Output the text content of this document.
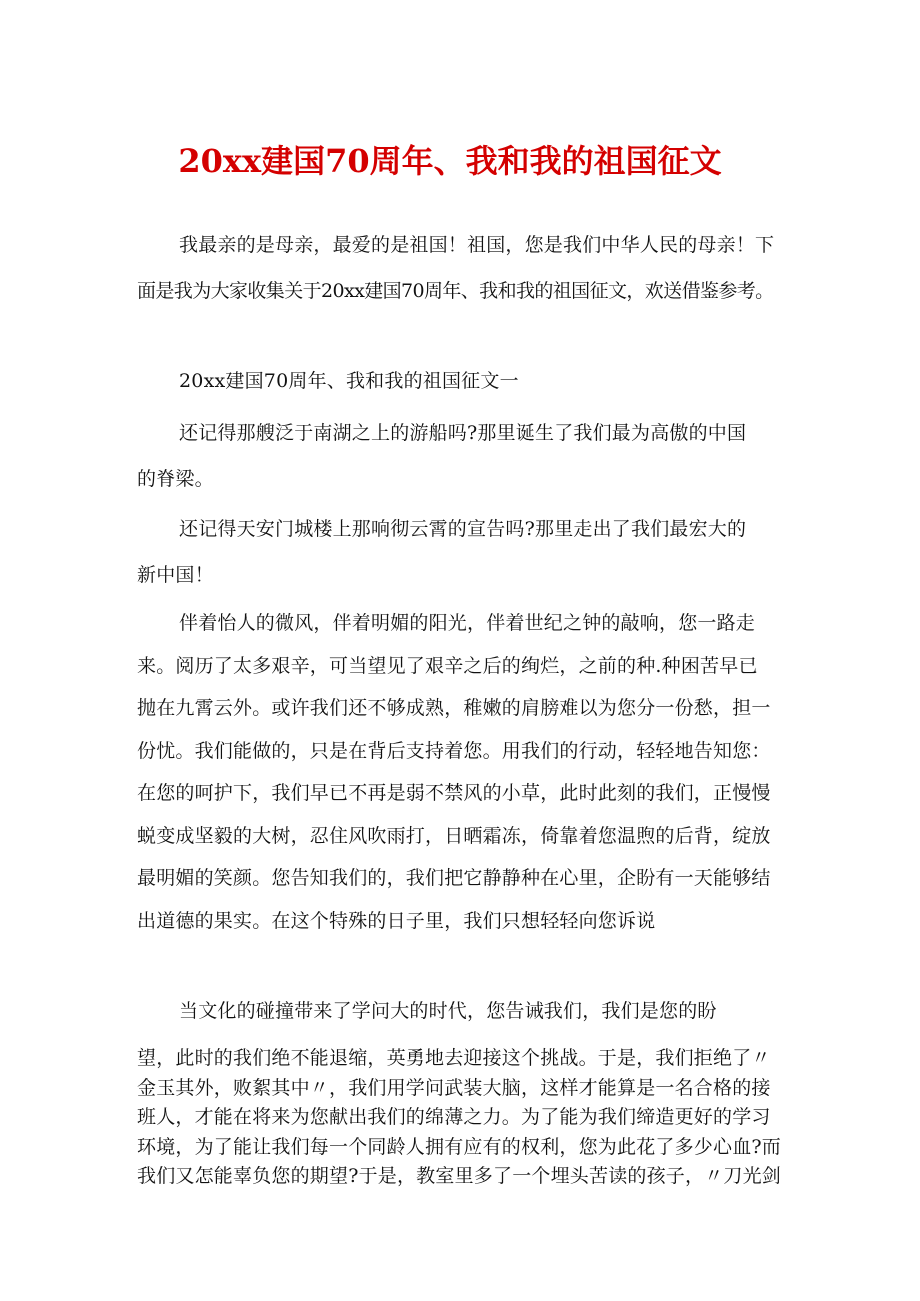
20xx建国70周年、我和我的祖国征文

我最亲的是母亲，最爱的是祖国！祖国，您是我们中华人民的母亲！下
面是我为大家收集关于20xx建国70周年、我和我的祖国征文，欢送借鉴参考。

20xx建国70周年、我和我的祖国征文一

还记得那艘泛于南湖之上的游船吗?那里诞生了我们最为高傲的中国
的脊梁。

还记得天安门城楼上那响彻云霄的宣告吗?那里走出了我们最宏大的
新中国！

伴着怡人的微风，伴着明媚的阳光，伴着世纪之钟的敲响，您一路走
来。阅历了太多艰辛，可当望见了艰辛之后的绚烂，之前的种.种困苦早已
抛在九霄云外。或许我们还不够成熟，稚嫩的肩膀难以为您分一份愁，担一
份忧。我们能做的，只是在背后支持着您。用我们的行动，轻轻地告知您：
在您的呵护下，我们早已不再是弱不禁风的小草，此时此刻的我们，正慢慢
蜕变成坚毅的大树，忍住风吹雨打，日晒霜冻，倚靠着您温煦的后背，绽放
最明媚的笑颜。您告知我们的，我们把它静静种在心里，企盼有一天能够结
出道德的果实。在这个特殊的日子里，我们只想轻轻向您诉说

当文化的碰撞带来了学问大的时代，您告诫我们，我们是您的盼

望，此时的我们绝不能退缩，英勇地去迎接这个挑战。于是，我们拒绝了〃
金玉其外，败絮其中〃，我们用学问武装大脑，这样才能算是一名合格的接
班人，才能在将来为您献出我们的绵薄之力。为了能为我们缔造更好的学习
环境，为了能让我们每一个同龄人拥有应有的权利，您为此花了多少心血?而
我们又怎能辜负您的期望?于是，教室里多了一个埋头苦读的孩子，〃刀光剑
